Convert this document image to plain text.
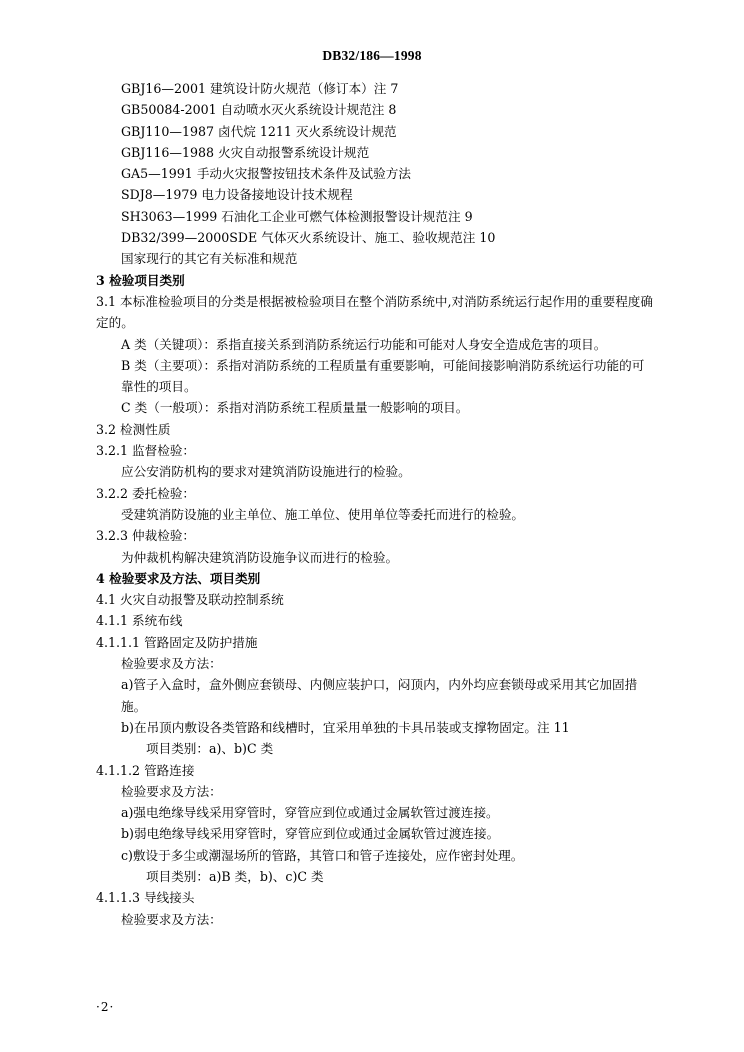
DB32/186—1998
GBJ16—2001 建筑设计防火规范（修订本）注 7
GB50084-2001 自动喷水灭火系统设计规范注 8
GBJ110—1987 卤代烷 1211 灭火系统设计规范
GBJ116—1988 火灾自动报警系统设计规范
GA5—1991 手动火灾报警按钮技术条件及试验方法
SDJ8—1979 电力设备接地设计技术规程
SH3063—1999 石油化工企业可燃气体检测报警设计规范注 9
DB32/399—2000SDE 气体灭火系统设计、施工、验收规范注 10
国家现行的其它有关标准和规范
3 检验项目类别
3.1 本标准检验项目的分类是根据被检验项目在整个消防系统中,对消防系统运行起作用的重要程度确定的。
A 类（关键项）：系指直接关系到消防系统运行功能和可能对人身安全造成危害的项目。
B 类（主要项）：系指对消防系统的工程质量有重要影响，可能间接影响消防系统运行功能的可靠性的项目。
C 类（一般项）：系指对消防系统工程质量量一般影响的项目。
3.2 检测性质
3.2.1 监督检验：
应公安消防机构的要求对建筑消防设施进行的检验。
3.2.2 委托检验：
受建筑消防设施的业主单位、施工单位、使用单位等委托而进行的检验。
3.2.3 仲裁检验：
为仲裁机构解决建筑消防设施争议而进行的检验。
4 检验要求及方法、项目类别
4.1 火灾自动报警及联动控制系统
4.1.1 系统布线
4.1.1.1 管路固定及防护措施
检验要求及方法：
a)管子入盒时，盒外侧应套锁母、内侧应装护口，闷顶内，内外均应套锁母或采用其它加固措施。
b)在吊顶内敷设各类管路和线槽时，宜采用单独的卡具吊装或支撑物固定。注 11
项目类别：a)、b)C 类
4.1.1.2 管路连接
检验要求及方法：
a)强电绝缘导线采用穿管时，穿管应到位或通过金属软管过渡连接。
b)弱电绝缘导线采用穿管时，穿管应到位或通过金属软管过渡连接。
c)敷设于多尘或潮湿场所的管路，其管口和管子连接处，应作密封处理。
项目类别：a)B 类，b)、c)C 类
4.1.1.3 导线接头
检验要求及方法：
·2·
